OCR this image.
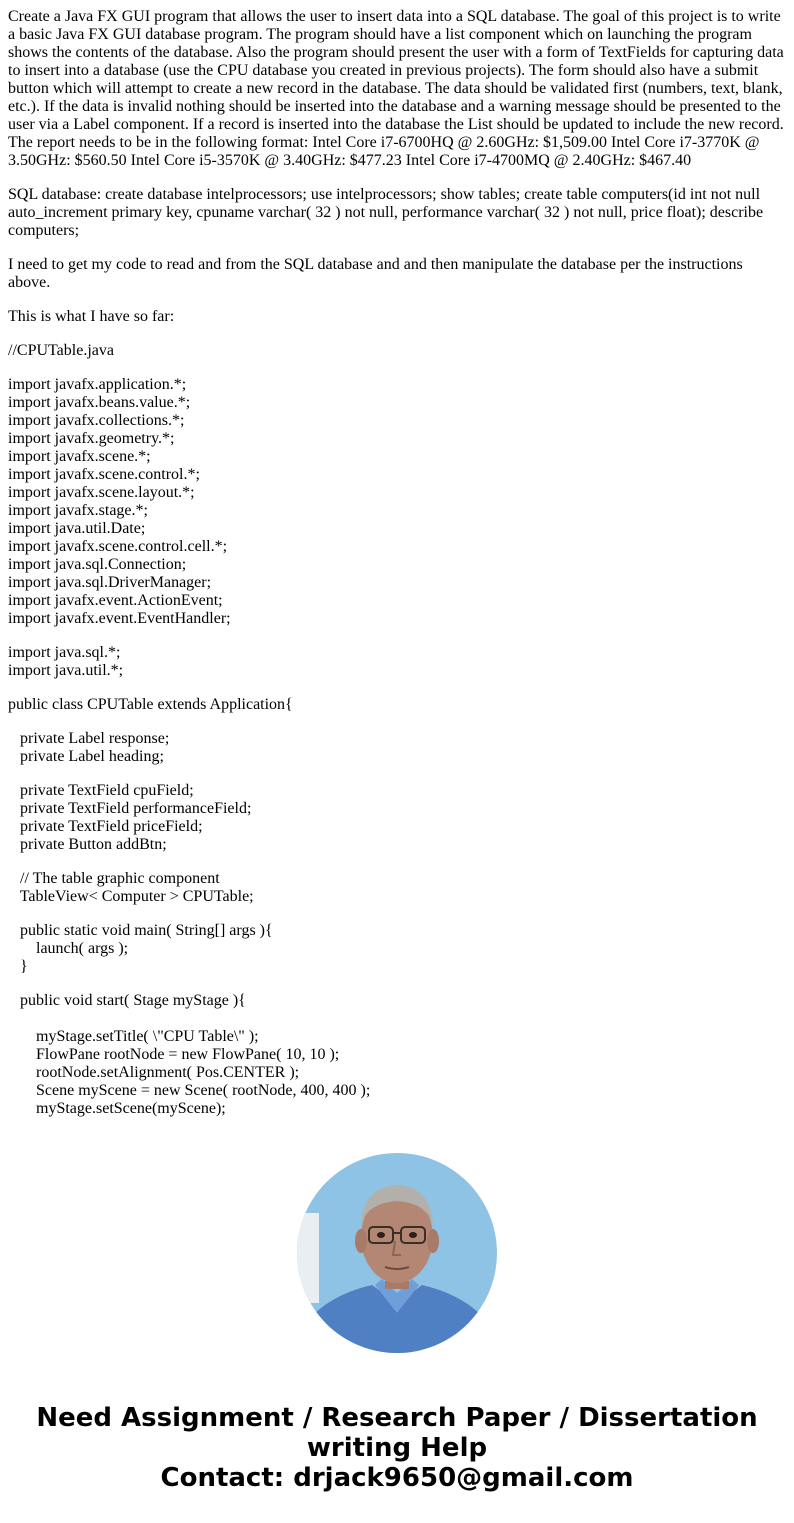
Create a Java FX GUI program that allows the user to insert data into a SQL database. The goal of this project is to write a basic Java FX GUI database program. The program should have a list component which on launching the program shows the contents of the database. Also the program should present the user with a form of TextFields for capturing data to insert into a database (use the CPU database you created in previous projects). The form should also have a submit button which will attempt to create a new record in the database. The data should be validated first (numbers, text, blank, etc.). If the data is invalid nothing should be inserted into the database and a warning message should be presented to the user via a Label component. If a record is inserted into the database the List should be updated to include the new record. The report needs to be in the following format: Intel Core i7-6700HQ @ 2.60GHz: $1,509.00 Intel Core i7-3770K @ 3.50GHz: $560.50 Intel Core i5-3570K @ 3.40GHz: $477.23 Intel Core i7-4700MQ @ 2.40GHz: $467.40

SQL database: create database intelprocessors; use intelprocessors; show tables; create table computers(id int not null auto_increment primary key, cpuname varchar( 32 ) not null, performance varchar( 32 ) not null, price float); describe computers;

I need to get my code to read and from the SQL database and and then manipulate the database per the instructions above.

This is what I have so far:

//CPUTable.java

import javafx.application.*;
import javafx.beans.value.*;
import javafx.collections.*;
import javafx.geometry.*;
import javafx.scene.*;
import javafx.scene.control.*;
import javafx.scene.layout.*;
import javafx.stage.*;
import java.util.Date;
import javafx.scene.control.cell.*;
import java.sql.Connection;
import java.sql.DriverManager;
import javafx.event.ActionEvent;
import javafx.event.EventHandler;
import java.sql.*;
import java.util.*;
public class CPUTable extends Application{
private Label response;
private Label heading;
private TextField cpuField;
private TextField performanceField;
private TextField priceField;
private Button addBtn;
// The table graphic component
TableView< Computer > CPUTable;
public static void main( String[] args ){
launch( args );
}
public void start( Stage myStage ){
myStage.setTitle( \"CPU Table\" );
FlowPane rootNode = new FlowPane( 10, 10 );
rootNode.setAlignment( Pos.CENTER );
Scene myScene = new Scene( rootNode, 400, 400 );
myStage.setScene(myScene);
Need Assignment / Research Paper / Dissertation
writing Help
Contact: drjack9650@gmail.com
